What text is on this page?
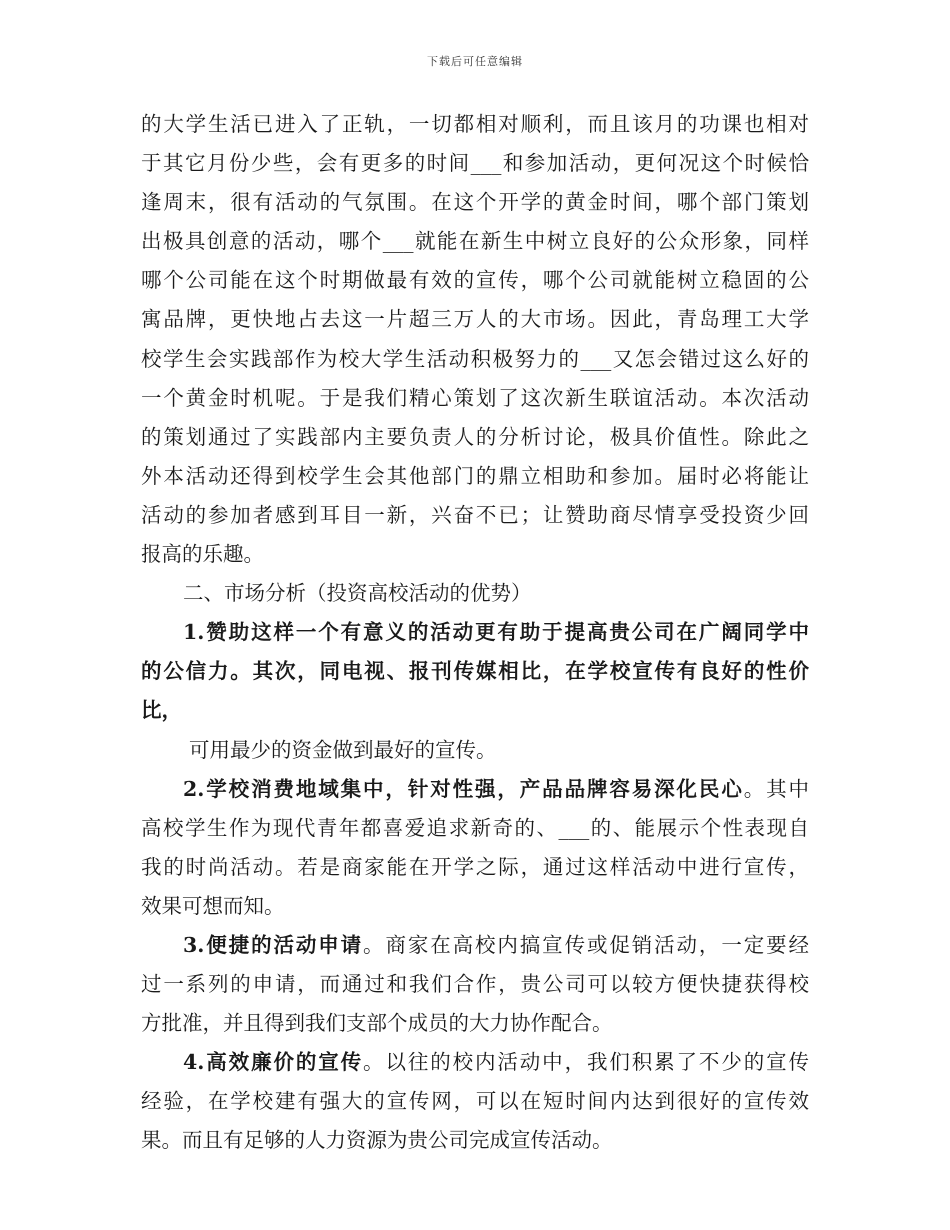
下载后可任意编辑
的大学生活已进入了正轨，一切都相对顺利，而且该月的功课也相对
于其它月份少些，会有更多的时间___和参加活动，更何况这个时候恰
逢周末，很有活动的气氛围。在这个开学的黄金时间，哪个部门策划
出极具创意的活动，哪个___就能在新生中树立良好的公众形象，同样
哪个公司能在这个时期做最有效的宣传，哪个公司就能树立稳固的公
寓品牌，更快地占去这一片超三万人的大市场。因此，青岛理工大学
校学生会实践部作为校大学生活动积极努力的___又怎会错过这么好的
一个黄金时机呢。于是我们精心策划了这次新生联谊活动。本次活动
的策划通过了实践部内主要负责人的分析讨论，极具价值性。除此之
外本活动还得到校学生会其他部门的鼎立相助和参加。届时必将能让
活动的参加者感到耳目一新，兴奋不已；让赞助商尽情享受投资少回
报高的乐趣。
二、市场分析（投资高校活动的优势）
1.赞助这样一个有意义的活动更有助于提高贵公司在广阔同学中
的公信力。其次，同电视、报刊传媒相比，在学校宣传有良好的性价
比，
可用最少的资金做到最好的宣传。
2.学校消费地域集中，针对性强，产品品牌容易深化民心。其中
高校学生作为现代青年都喜爱追求新奇的、___的、能展示个性表现自
我的时尚活动。若是商家能在开学之际，通过这样活动中进行宣传，
效果可想而知。
3.便捷的活动申请。商家在高校内搞宣传或促销活动，一定要经
过一系列的申请，而通过和我们合作，贵公司可以较方便快捷获得校
方批准，并且得到我们支部个成员的大力协作配合。
4.高效廉价的宣传。以往的校内活动中，我们积累了不少的宣传
经验，在学校建有强大的宣传网，可以在短时间内达到很好的宣传效
果。而且有足够的人力资源为贵公司完成宣传活动。
